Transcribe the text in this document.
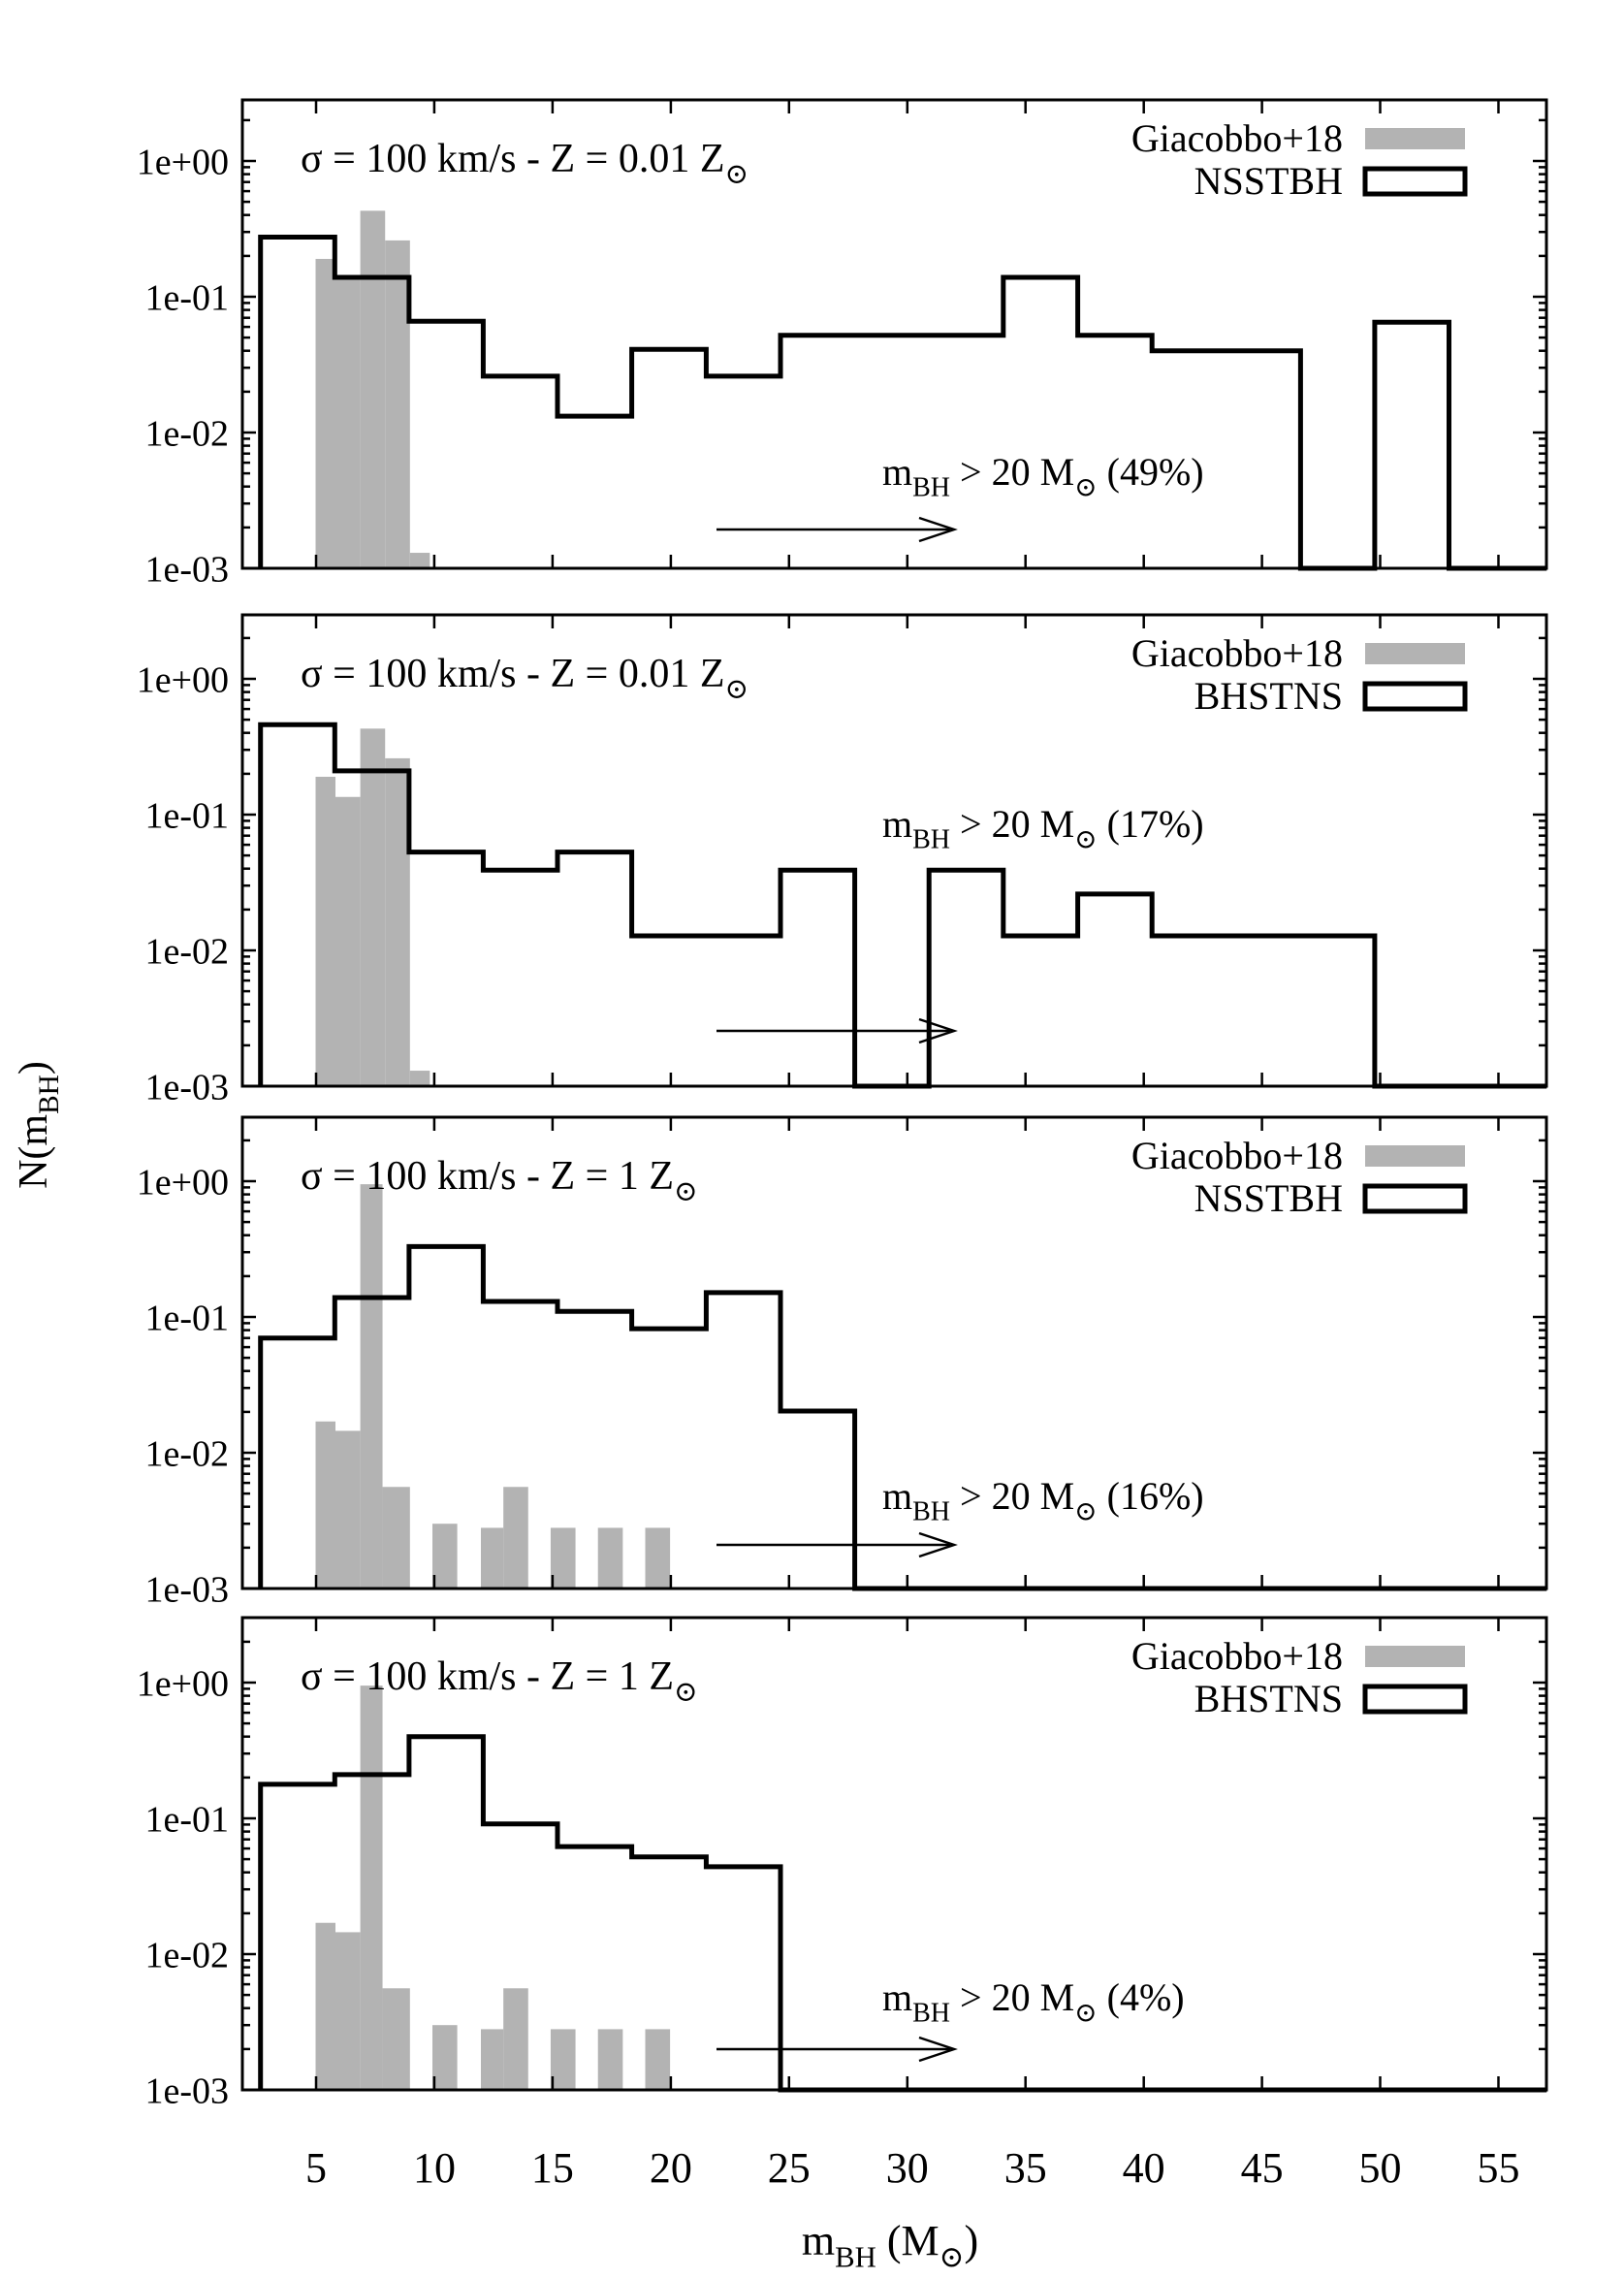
1e+00
1e-01
1e-02
1e-03
σ = 100 km/s - Z = 0.01 $Z_⊙$
Giacobbo+18
NSSTBH
$m_{BH} > 20$ $M_⊙$ (49%)
1e+00
1e-01
1e-02
1e-03
σ = 100 km/s - Z = 0.01 $Z_⊙$
Giacobbo+18
BHSTNS
$m_{BH} > 20$ $M_⊙$ (17%)
1e+00
1e-01
1e-02
1e-03
σ = 100 km/s - Z = 1 $Z_⊙$
Giacobbo+18
NSSTBH
$m_{BH} > 20$ $M_⊙$ (16%)
1e+00
1e-01
1e-02
1e-03
σ = 100 km/s - Z = 1 $Z_⊙$
Giacobbo+18
BHSTNS
$m_{BH} > 20$ $M_⊙$ (4%)
5 10 15 20 25 30 35 40 45 50 55
$m_{BH}$ $(M_⊙)$
$N(m_{BH})$
